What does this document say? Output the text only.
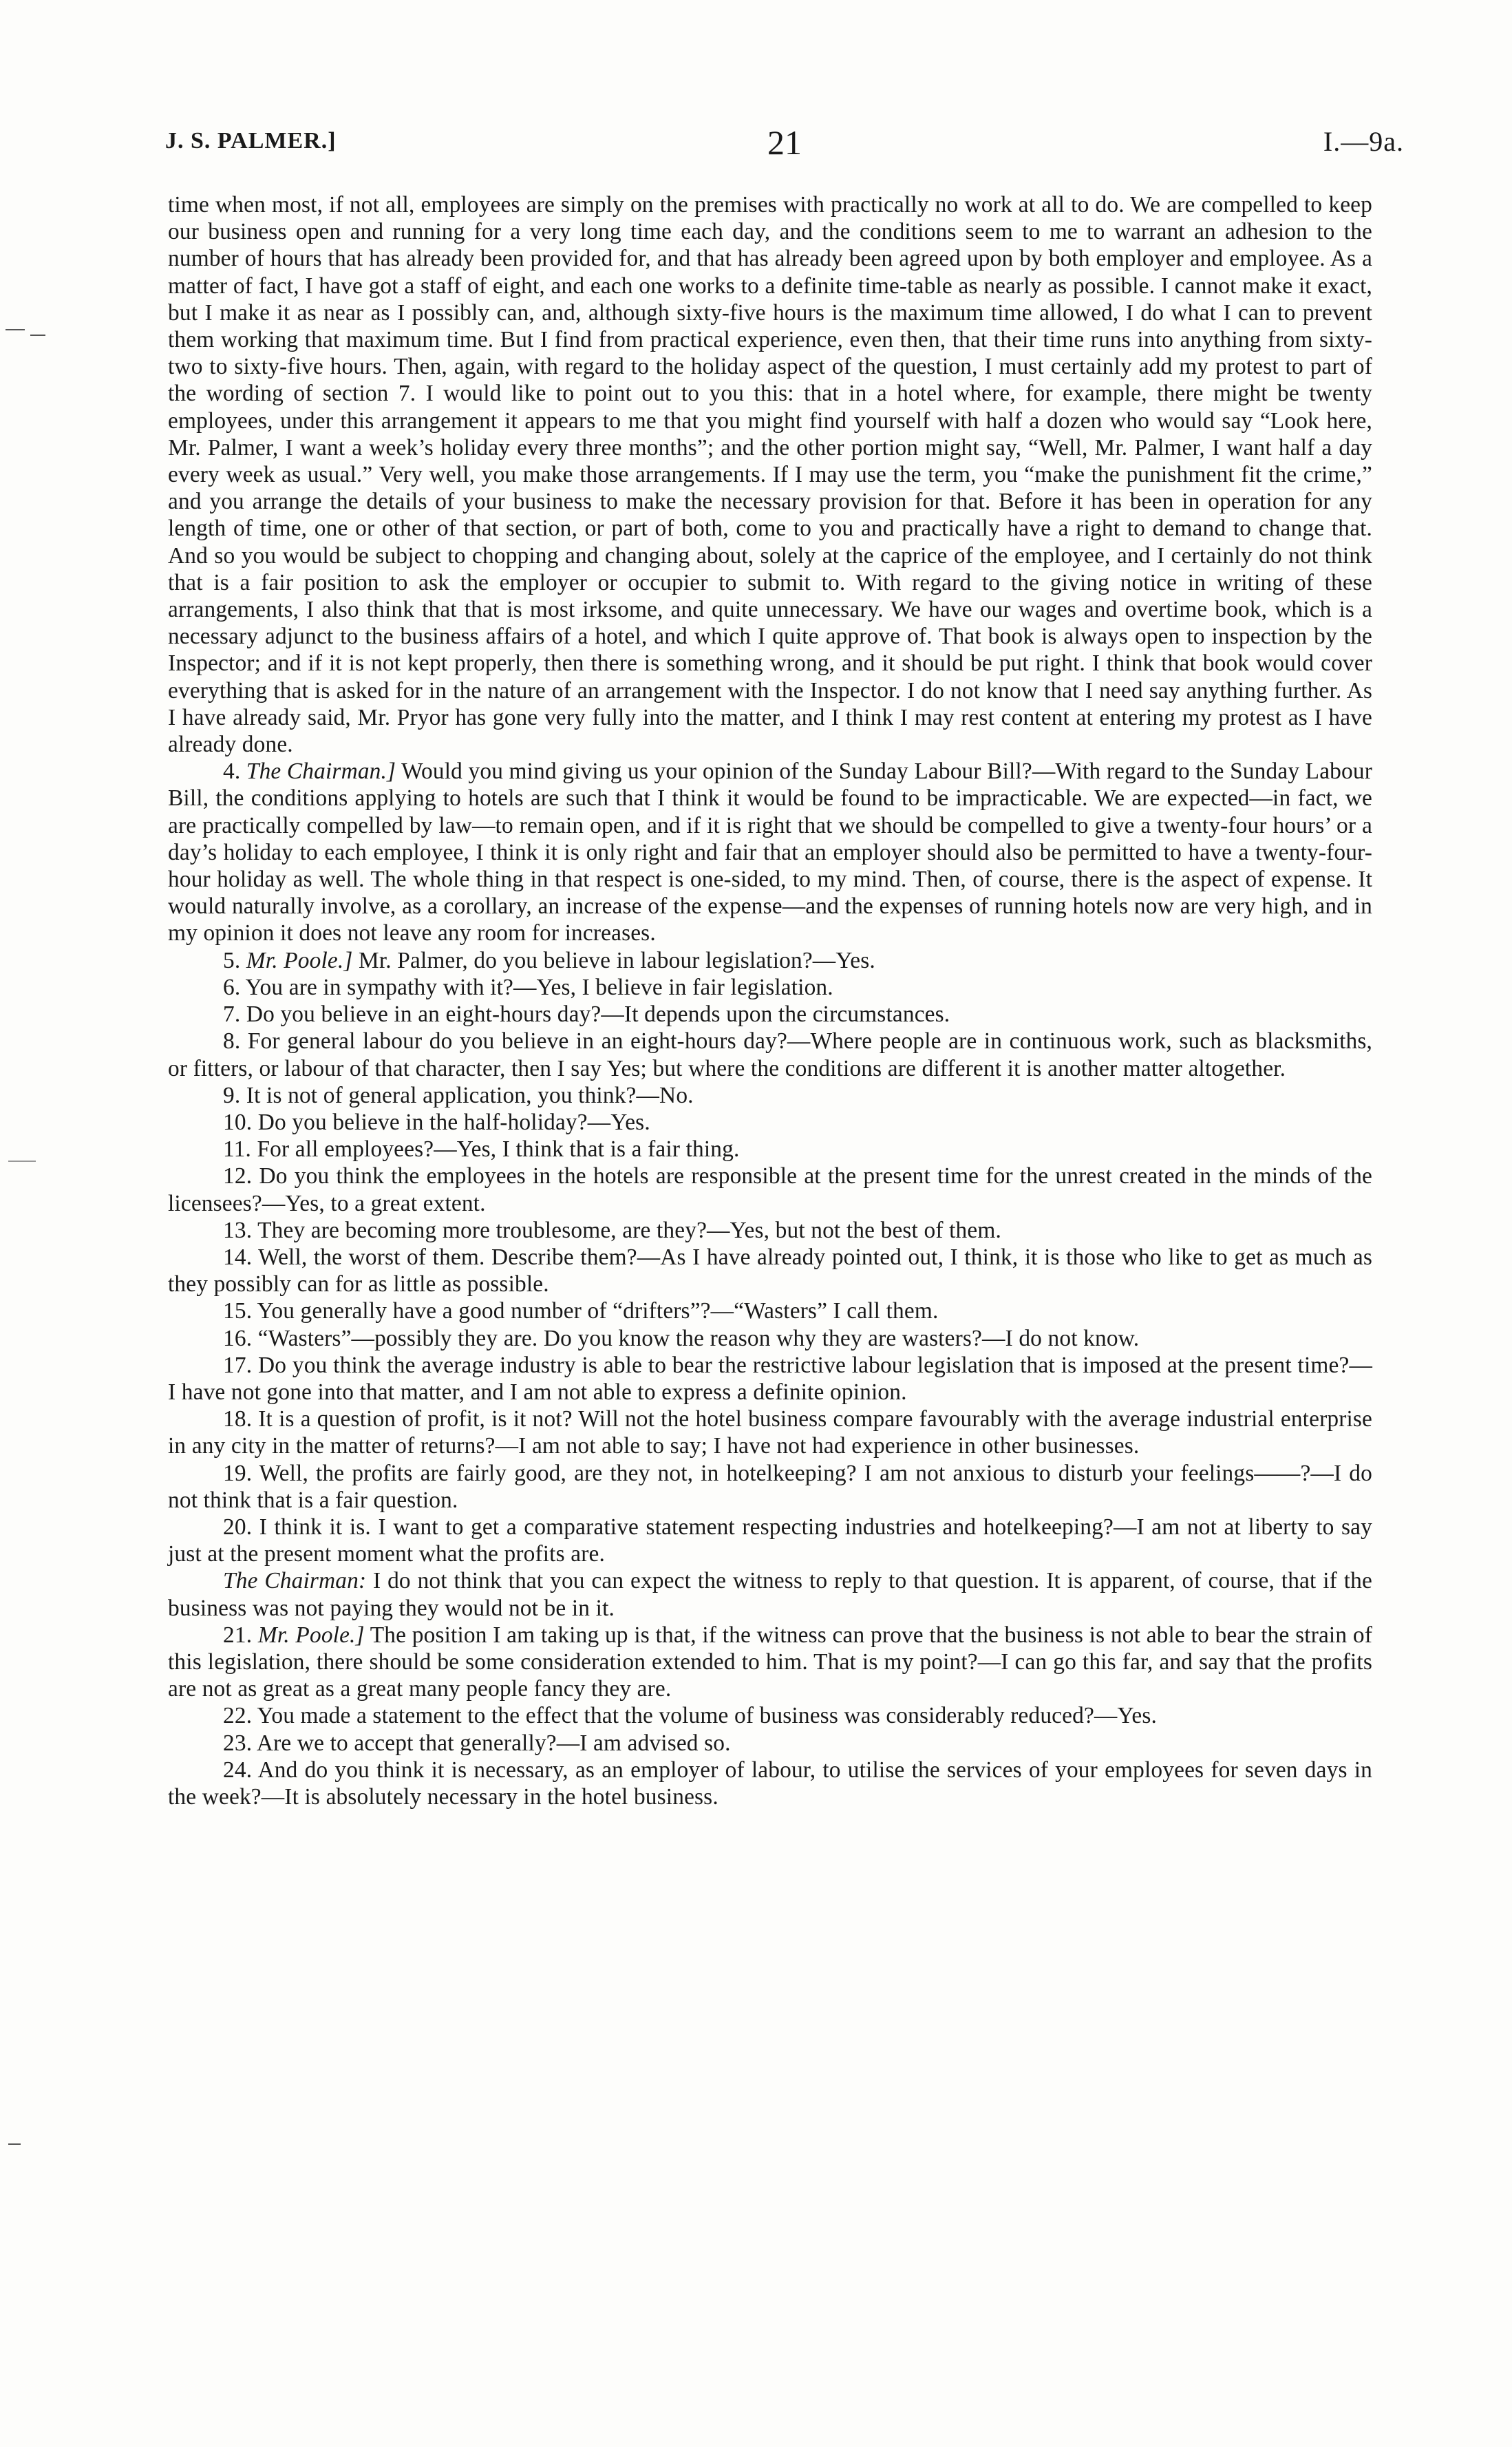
J. S. PALMER.]	21	I.—9a.

time when most, if not all, employees are simply on the premises with practically no work at all to do. We are compelled to keep our business open and running for a very long time each day, and the conditions seem to me to warrant an adhesion to the number of hours that has already been provided for, and that has already been agreed upon by both employer and employee. As a matter of fact, I have got a staff of eight, and each one works to a definite time-table as nearly as possible. I cannot make it exact, but I make it as near as I possibly can, and, although sixty-five hours is the maximum time allowed, I do what I can to prevent them working that maximum time. But I find from practical experience, even then, that their time runs into anything from sixty-two to sixty-five hours. Then, again, with regard to the holiday aspect of the question, I must certainly add my protest to part of the wording of section 7. I would like to point out to you this: that in a hotel where, for example, there might be twenty employees, under this arrangement it appears to me that you might find yourself with half a dozen who would say “Look here, Mr. Palmer, I want a week’s holiday every three months”; and the other portion might say, “Well, Mr. Palmer, I want half a day every week as usual.” Very well, you make those arrangements. If I may use the term, you “make the punishment fit the crime,” and you arrange the details of your business to make the necessary provision for that. Before it has been in operation for any length of time, one or other of that section, or part of both, come to you and practically have a right to demand to change that. And so you would be subject to chopping and changing about, solely at the caprice of the employee, and I certainly do not think that is a fair position to ask the employer or occupier to submit to. With regard to the giving notice in writing of these arrangements, I also think that that is most irksome, and quite unnecessary. We have our wages and overtime book, which is a necessary adjunct to the business affairs of a hotel, and which I quite approve of. That book is always open to inspection by the Inspector; and if it is not kept properly, then there is something wrong, and it should be put right. I think that book would cover everything that is asked for in the nature of an arrangement with the Inspector. I do not know that I need say anything further. As I have already said, Mr. Pryor has gone very fully into the matter, and I think I may rest content at entering my protest as I have already done.

4. The Chairman.] Would you mind giving us your opinion of the Sunday Labour Bill?—With regard to the Sunday Labour Bill, the conditions applying to hotels are such that I think it would be found to be impracticable. We are expected—in fact, we are practically compelled by law—to remain open, and if it is right that we should be compelled to give a twenty-four hours’ or a day’s holiday to each employee, I think it is only right and fair that an employer should also be permitted to have a twenty-four-hour holiday as well. The whole thing in that respect is one-sided, to my mind. Then, of course, there is the aspect of expense. It would naturally involve, as a corollary, an increase of the expense—and the expenses of running hotels now are very high, and in my opinion it does not leave any room for increases.

5. Mr. Poole.] Mr. Palmer, do you believe in labour legislation?—Yes.

6. You are in sympathy with it?—Yes, I believe in fair legislation.

7. Do you believe in an eight-hours day?—It depends upon the circumstances.

8. For general labour do you believe in an eight-hours day?—Where people are in continuous work, such as blacksmiths, or fitters, or labour of that character, then I say Yes; but where the conditions are different it is another matter altogether.

9. It is not of general application, you think?—No.

10. Do you believe in the half-holiday?—Yes.

11. For all employees?—Yes, I think that is a fair thing.

12. Do you think the employees in the hotels are responsible at the present time for the unrest created in the minds of the licensees?—Yes, to a great extent.

13. They are becoming more troublesome, are they?—Yes, but not the best of them.

14. Well, the worst of them. Describe them?—As I have already pointed out, I think, it is those who like to get as much as they possibly can for as little as possible.

15. You generally have a good number of “drifters”?—“Wasters” I call them.

16. “Wasters”—possibly they are. Do you know the reason why they are wasters?—I do not know.

17. Do you think the average industry is able to bear the restrictive labour legislation that is imposed at the present time?—I have not gone into that matter, and I am not able to express a definite opinion.

18. It is a question of profit, is it not? Will not the hotel business compare favourably with the average industrial enterprise in any city in the matter of returns?—I am not able to say; I have not had experience in other businesses.

19. Well, the profits are fairly good, are they not, in hotelkeeping? I am not anxious to disturb your feelings——?—I do not think that is a fair question.

20. I think it is. I want to get a comparative statement respecting industries and hotelkeeping?—I am not at liberty to say just at the present moment what the profits are.

The Chairman: I do not think that you can expect the witness to reply to that question. It is apparent, of course, that if the business was not paying they would not be in it.

21. Mr. Poole.] The position I am taking up is that, if the witness can prove that the business is not able to bear the strain of this legislation, there should be some consideration extended to him. That is my point?—I can go this far, and say that the profits are not as great as a great many people fancy they are.

22. You made a statement to the effect that the volume of business was considerably reduced?—Yes.

23. Are we to accept that generally?—I am advised so.

24. And do you think it is necessary, as an employer of labour, to utilise the services of your employees for seven days in the week?—It is absolutely necessary in the hotel business.
